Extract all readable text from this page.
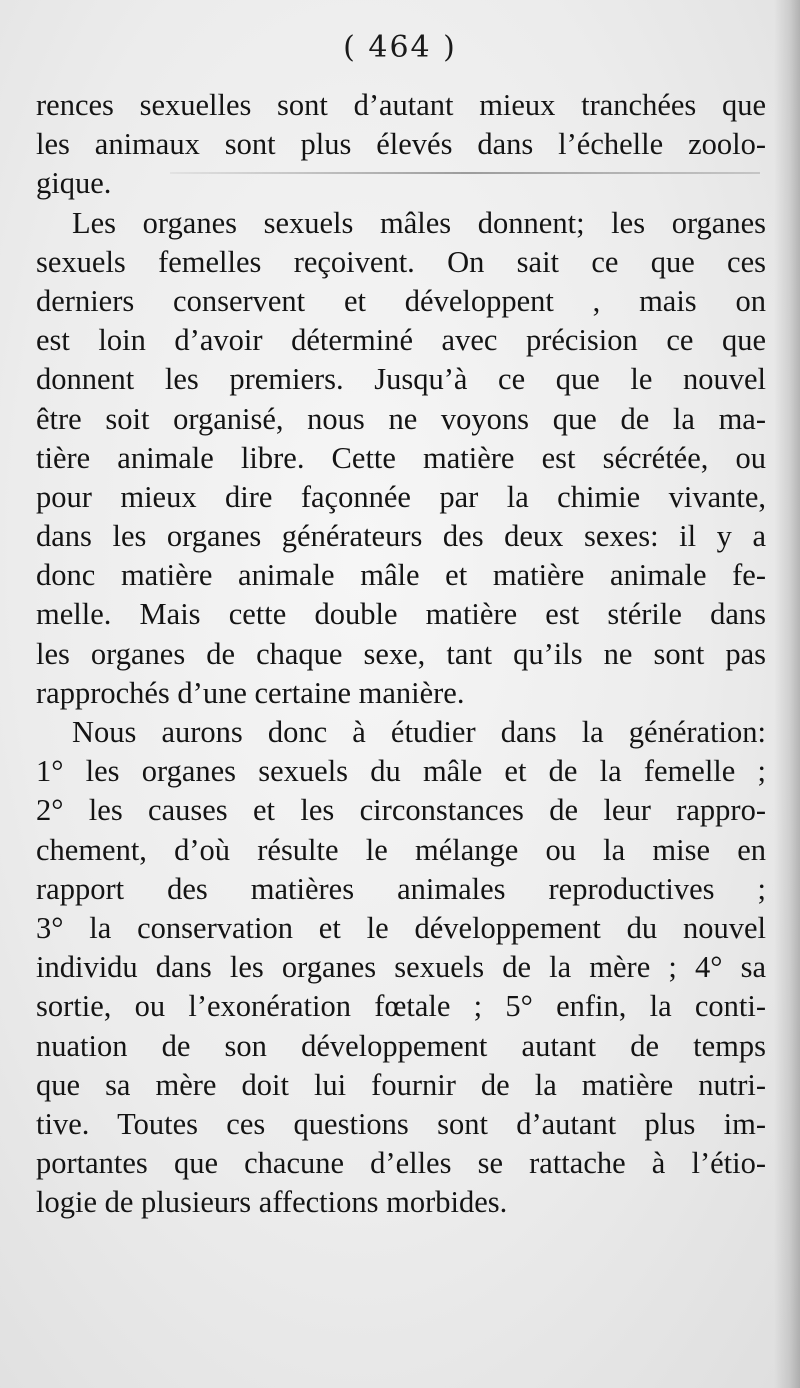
( 464 )
rences sexuelles sont d’autant mieux tranchées que
les animaux sont plus élevés dans l’échelle zoolo-
gique.
Les organes sexuels mâles donnent; les organes
sexuels femelles reçoivent. On sait ce que ces
derniers conservent et développent , mais on
est loin d’avoir déterminé avec précision ce que
donnent les premiers. Jusqu’à ce que le nouvel
être soit organisé, nous ne voyons que de la ma-
tière animale libre. Cette matière est sécrétée, ou
pour mieux dire façonnée par la chimie vivante,
dans les organes générateurs des deux sexes: il y a
donc matière animale mâle et matière animale fe-
melle. Mais cette double matière est stérile dans
les organes de chaque sexe, tant qu’ils ne sont pas
rapprochés d’une certaine manière.
Nous aurons donc à étudier dans la génération:
1° les organes sexuels du mâle et de la femelle ;
2° les causes et les circonstances de leur rappro-
chement, d’où résulte le mélange ou la mise en
rapport des matières animales reproductives ;
3° la conservation et le développement du nouvel
individu dans les organes sexuels de la mère ; 4° sa
sortie, ou l’exonération fœtale ; 5° enfin, la conti-
nuation de son développement autant de temps
que sa mère doit lui fournir de la matière nutri-
tive. Toutes ces questions sont d’autant plus im-
portantes que chacune d’elles se rattache à l’étio-
logie de plusieurs affections morbides.
